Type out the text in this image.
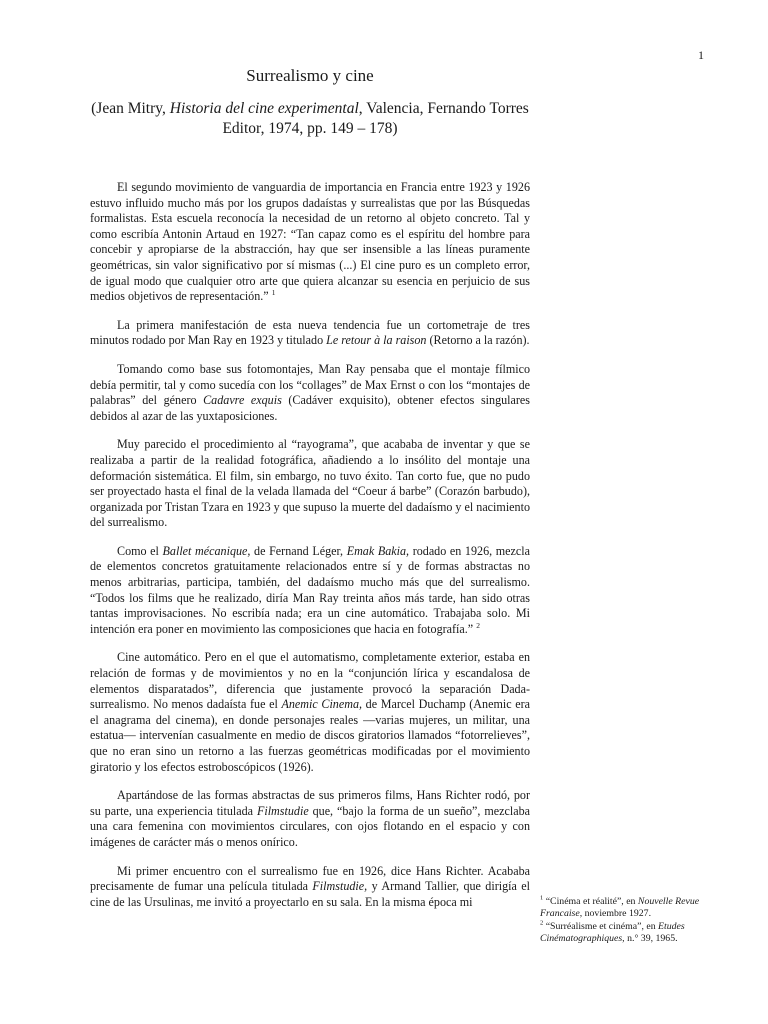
1
Surrealismo y cine

(Jean Mitry, Historia del cine experimental, Valencia, Fernando Torres Editor, 1974, pp. 149 – 178)

El segundo movimiento de vanguardia de importancia en Francia entre 1923 y 1926 estuvo influido mucho más por los grupos dadaístas y surrealistas que por las Búsquedas formalistas. Esta escuela reconocía la necesidad de un retorno al objeto concreto. Tal y como escribía Antonin Artaud en 1927: “Tan capaz como es el espíritu del hombre para concebir y apropiarse de la abstracción, hay que ser insensible a las líneas puramente geométricas, sin valor significativo por sí mismas (...) El cine puro es un completo error, de igual modo que cualquier otro arte que quiera alcanzar su esencia en perjuicio de sus medios objetivos de representación.” $^1$

La primera manifestación de esta nueva tendencia fue un cortometraje de tres minutos rodado por Man Ray en 1923 y titulado Le retour à la raison (Retorno a la razón).

Tomando como base sus fotomontajes, Man Ray pensaba que el montaje fílmico debía permitir, tal y como sucedía con los “collages” de Max Ernst o con los “montajes de palabras” del género Cadavre exquis (Cadáver exquisito), obtener efectos singulares debidos al azar de las yuxtaposiciones.

Muy parecido el procedimiento al “rayograma”, que acababa de inventar y que se realizaba a partir de la realidad fotográfica, añadiendo a lo insólito del montaje una deformación sistemática. El film, sin embargo, no tuvo éxito. Tan corto fue, que no pudo ser proyectado hasta el final de la velada llamada del “Coeur á barbe” (Corazón barbudo), organizada por Tristan Tzara en 1923 y que supuso la muerte del dadaísmo y el nacimiento del surrealismo.

Como el Ballet mécanique, de Fernand Léger, Emak Bakia, rodado en 1926, mezcla de elementos concretos gratuitamente relacionados entre sí y de formas abstractas no menos arbitrarias, participa, también, del dadaísmo mucho más que del surrealismo. “Todos los films que he realizado, diría Man Ray treinta años más tarde, han sido otras tantas improvisaciones. No escribía nada; era un cine automático. Trabajaba solo. Mi intención era poner en movimiento las composiciones que hacia en fotografía.” $^2$

Cine automático. Pero en el que el automatismo, completamente exterior, estaba en relación de formas y de movimientos y no en la “conjunción lírica y escandalosa de elementos disparatados”, diferencia que justamente provocó la separación Dada-surrealismo. No menos dadaísta fue el Anemic Cinema, de Marcel Duchamp (Anemic era el anagrama del cinema), en donde personajes reales —varias mujeres, un militar, una estatua— intervenían casualmente en medio de discos giratorios llamados “fotorrelieves”, que no eran sino un retorno a las fuerzas geométricas modificadas por el movimiento giratorio y los efectos estroboscópicos (1926).

Apartándose de las formas abstractas de sus primeros films, Hans Richter rodó, por su parte, una experiencia titulada Filmstudie que, “bajo la forma de un sueño”, mezclaba una cara femenina con movimientos circulares, con ojos flotando en el espacio y con imágenes de carácter más o menos onírico.

Mi primer encuentro con el surrealismo fue en 1926, dice Hans Richter. Acababa precisamente de fumar una película titulada Filmstudie, y Armand Tallier, que dirigía el cine de las Ursulinas, me invitó a proyectarlo en su sala. En la misma época mi	$^1$ “Cinéma et réalité”, en Nouvelle Revue Francaise, noviembre 1927.

$^2$ “Surréalisme et cinéma”, en Etudes Cinématographiques, n.° 39, 1965.
